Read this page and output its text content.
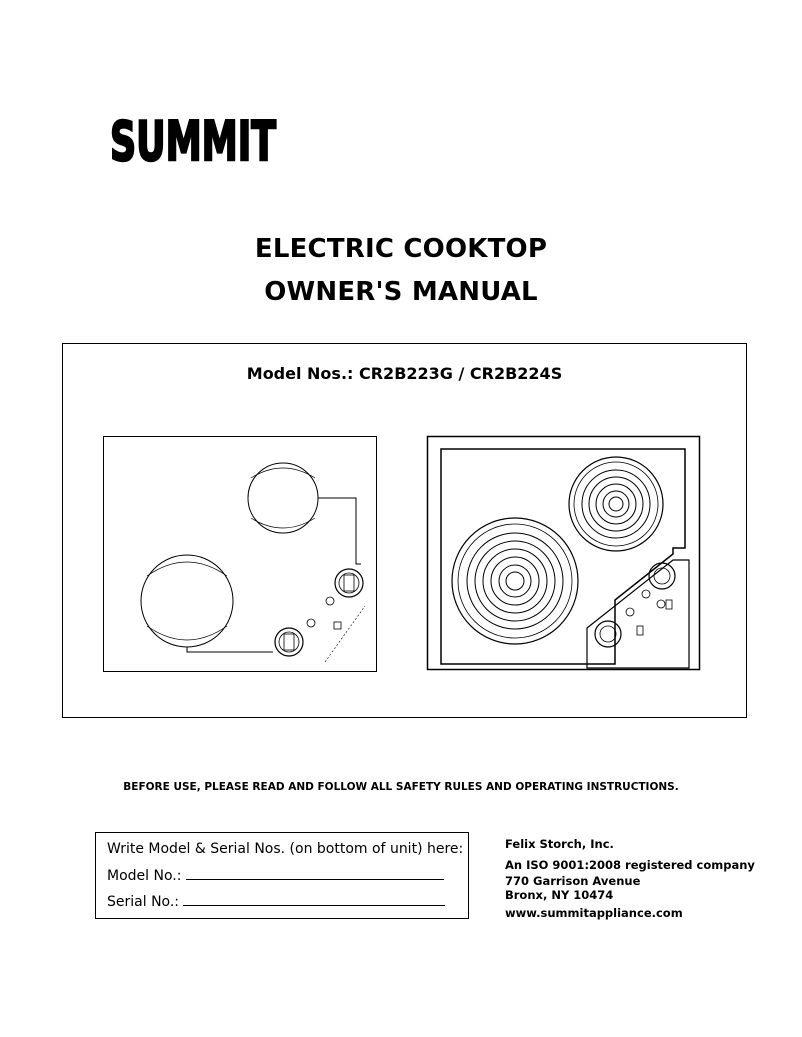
SUMMIT
ELECTRIC COOKTOP
OWNER'S MANUAL
Model Nos.: CR2B223G / CR2B224S
BEFORE USE, PLEASE READ AND FOLLOW ALL SAFETY RULES AND OPERATING INSTRUCTIONS.
Write Model & Serial Nos. (on bottom of unit) here:
Model No.:
Serial No.:
Felix Storch, Inc.
An ISO 9001:2008 registered company
770 Garrison Avenue
Bronx, NY 10474
www.summitappliance.com
